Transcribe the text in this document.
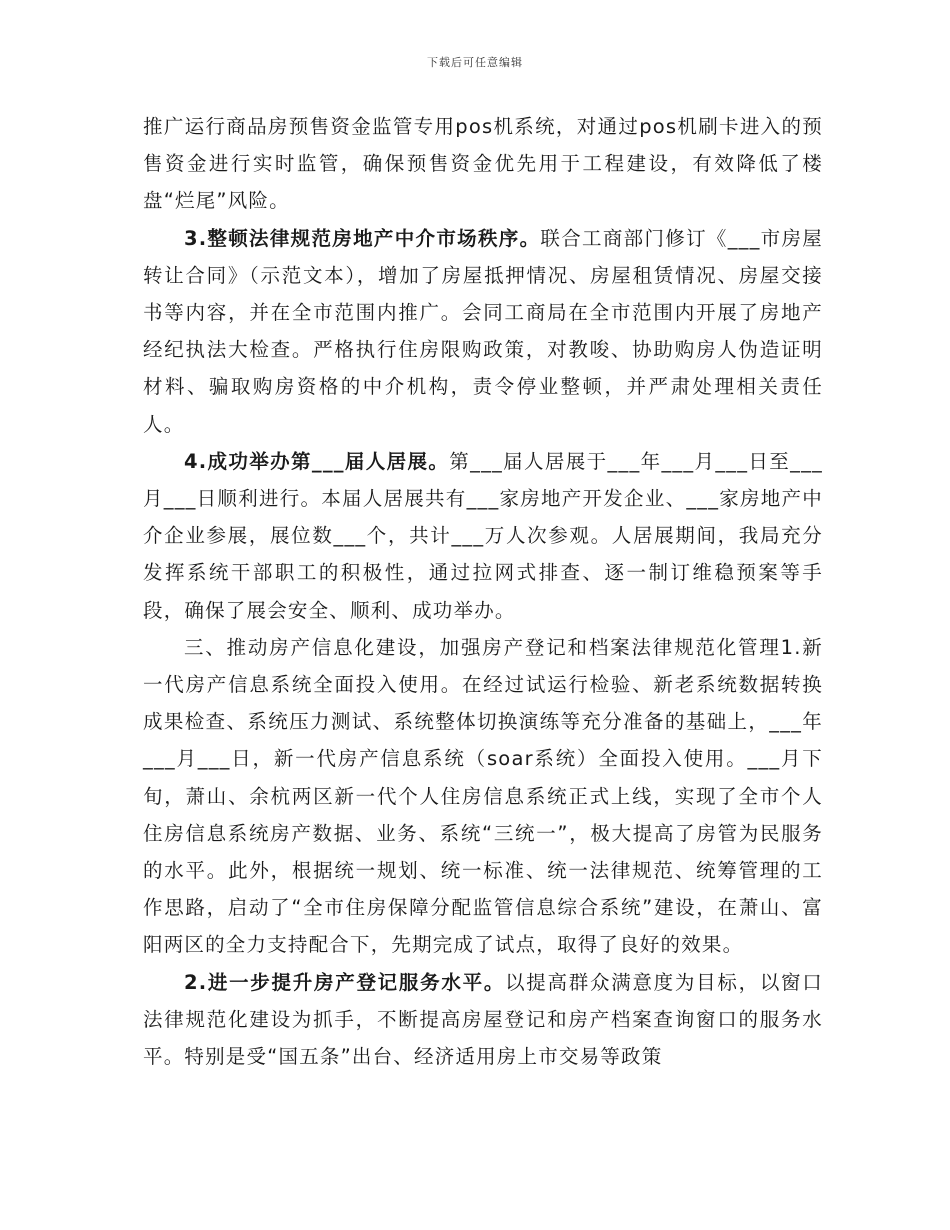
下载后可任意编辑

推广运行商品房预售资金监管专用pos机系统，对通过pos机刷卡进入的预售资金进行实时监管，确保预售资金优先用于工程建设，有效降低了楼盘“烂尾”风险。

3.整顿法律规范房地产中介市场秩序。联合工商部门修订《___市房屋转让合同》（示范文本），增加了房屋抵押情况、房屋租赁情况、房屋交接书等内容，并在全市范围内推广。会同工商局在全市范围内开展了房地产经纪执法大检查。严格执行住房限购政策，对教唆、协助购房人伪造证明材料、骗取购房资格的中介机构，责令停业整顿，并严肃处理相关责任人。

4.成功举办第___届人居展。第___届人居展于___年___月___日至___月___日顺利进行。本届人居展共有___家房地产开发企业、___家房地产中介企业参展，展位数___个，共计___万人次参观。人居展期间，我局充分发挥系统干部职工的积极性，通过拉网式排查、逐一制订维稳预案等手段，确保了展会安全、顺利、成功举办。

三、推动房产信息化建设，加强房产登记和档案法律规范化管理1.新一代房产信息系统全面投入使用。在经过试运行检验、新老系统数据转换成果检查、系统压力测试、系统整体切换演练等充分准备的基础上，___年___月___日，新一代房产信息系统（soar系统）全面投入使用。___月下旬，萧山、余杭两区新一代个人住房信息系统正式上线，实现了全市个人住房信息系统房产数据、业务、系统“三统一”，极大提高了房管为民服务的水平。此外，根据统一规划、统一标准、统一法律规范、统筹管理的工作思路，启动了“全市住房保障分配监管信息综合系统”建设，在萧山、富阳两区的全力支持配合下，先期完成了试点，取得了良好的效果。

2.进一步提升房产登记服务水平。以提高群众满意度为目标，以窗口法律规范化建设为抓手，不断提高房屋登记和房产档案查询窗口的服务水平。特别是受“国五条”出台、经济适用房上市交易等政策
